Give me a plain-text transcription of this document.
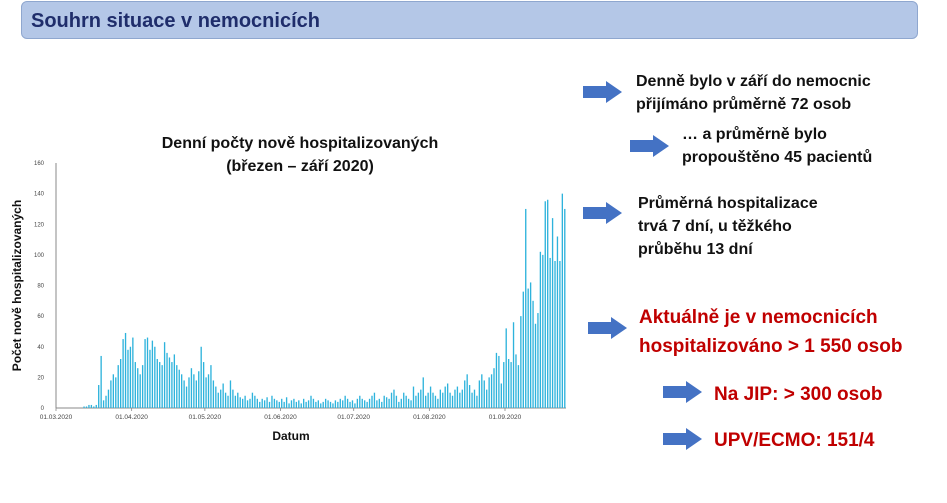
Souhrn situace v nemocnicích
Denní počty nově hospitalizovaných
(březen – září 2020)
0
20
40
60
80
100
120
140
160
01.03.2020	01.04.2020	01.05.2020	01.06.2020	01.07.2020	01.08.2020	01.09.2020
Datum
Počet nově hospitalizovaných
Denně bylo v září do nemocnic
přijímáno průměrně 72 osob
… a průměrně bylo
propouštěno 45 pacientů
Průměrná hospitalizace
trvá 7 dní, u těžkého
průběhu 13 dní
Aktuálně je v nemocnicích
hospitalizováno > 1 550 osob
Na JIP: > 300 osob
UPV/ECMO: 151/4
